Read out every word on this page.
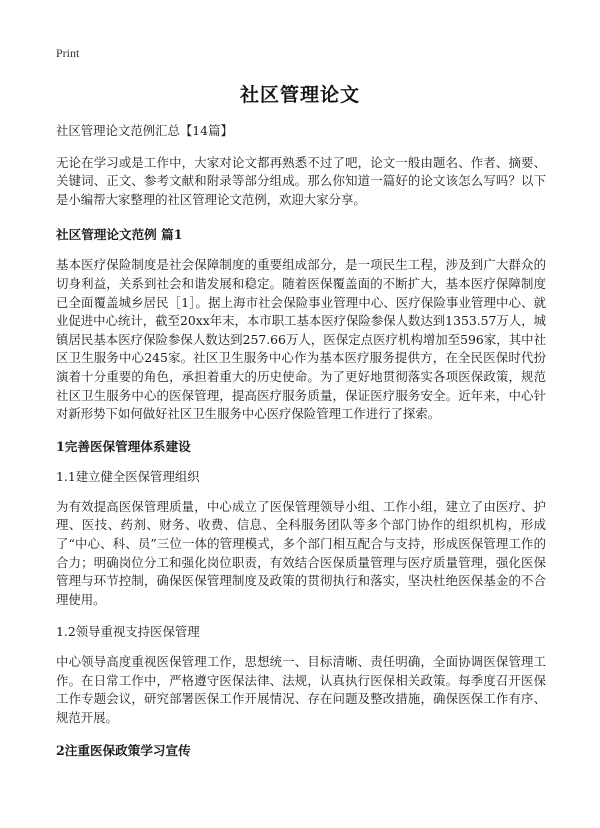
Print
社区管理论文

社区管理论文范例汇总【14篇】

无论在学习或是工作中，大家对论文都再熟悉不过了吧，论文一般由题名、作者、摘要、关键词、正文、参考文献和附录等部分组成。那么你知道一篇好的论文该怎么写吗？以下是小编帮大家整理的社区管理论文范例，欢迎大家分享。

社区管理论文范例 篇1

基本医疗保险制度是社会保障制度的重要组成部分，是一项民生工程，涉及到广大群众的切身利益，关系到社会和谐发展和稳定。随着医保覆盖面的不断扩大，基本医疗保障制度已全面覆盖城乡居民［1］。据上海市社会保险事业管理中心、医疗保险事业管理中心、就业促进中心统计，截至20xx年末，本市职工基本医疗保险参保人数达到1353.57万人，城镇居民基本医疗保险参保人数达到257.66万人，医保定点医疗机构增加至596家，其中社区卫生服务中心245家。社区卫生服务中心作为基本医疗服务提供方，在全民医保时代扮演着十分重要的角色，承担着重大的历史使命。为了更好地贯彻落实各项医保政策，规范社区卫生服务中心的医保管理，提高医疗服务质量，保证医疗服务安全。近年来，中心针对新形势下如何做好社区卫生服务中心医疗保险管理工作进行了探索。

1完善医保管理体系建设

1.1建立健全医保管理组织

为有效提高医保管理质量，中心成立了医保管理领导小组、工作小组，建立了由医疗、护理、医技、药剂、财务、收费、信息、全科服务团队等多个部门协作的组织机构，形成了“中心、科、员”三位一体的管理模式，多个部门相互配合与支持，形成医保管理工作的合力；明确岗位分工和强化岗位职责，有效结合医保质量管理与医疗质量管理，强化医保管理与环节控制，确保医保管理制度及政策的贯彻执行和落实，坚决杜绝医保基金的不合理使用。

1.2领导重视支持医保管理

中心领导高度重视医保管理工作，思想统一、目标清晰、责任明确，全面协调医保管理工作。在日常工作中，严格遵守医保法律、法规，认真执行医保相关政策。每季度召开医保工作专题会议，研究部署医保工作开展情况、存在问题及整改措施，确保医保工作有序、规范开展。

2注重医保政策学习宣传
